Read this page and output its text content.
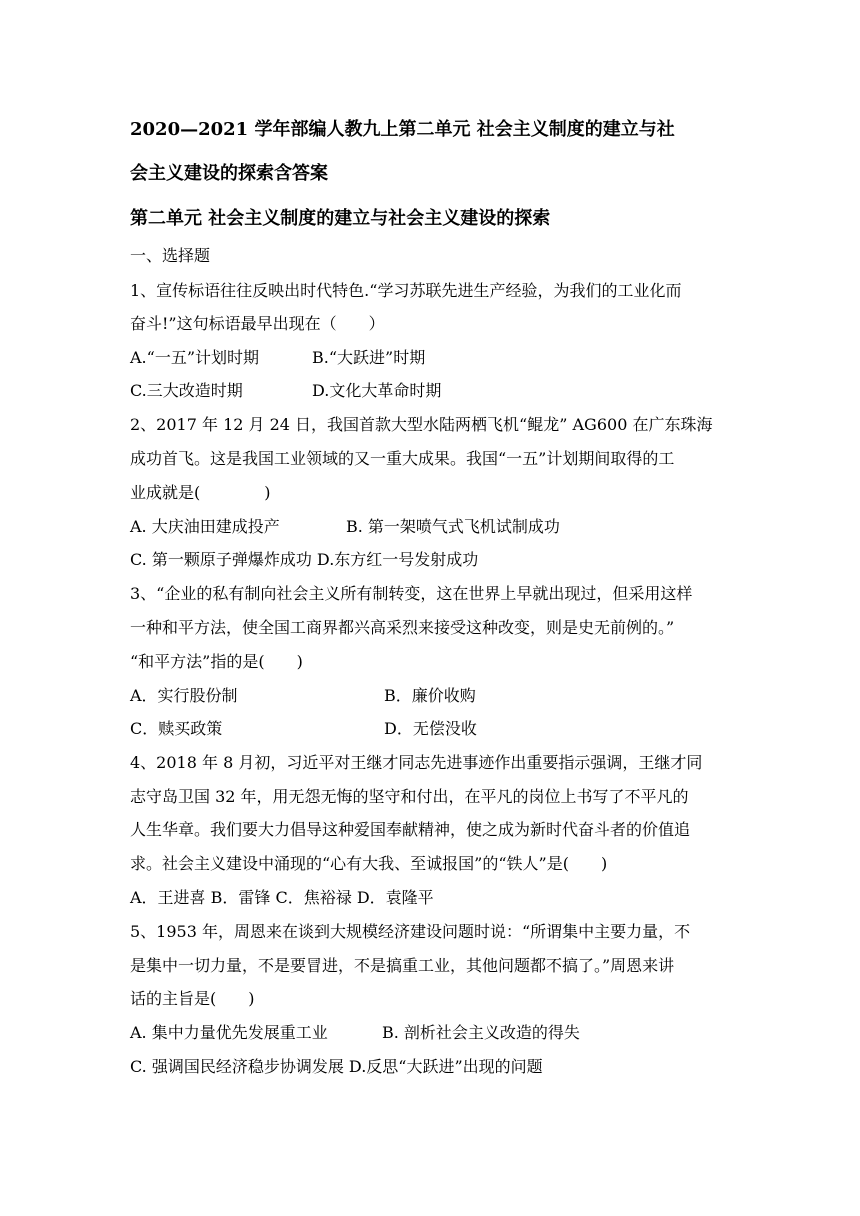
2020—2021 学年部编人教九上第二单元 社会主义制度的建立与社
会主义建设的探索含答案
第二单元 社会主义制度的建立与社会主义建设的探索
一、选择题
1、宣传标语往往反映出时代特色.“学习苏联先进生产经验，为我们的工业化而
奋斗!”这句标语最早出现在（　　）
A.“一五”计划时期	B.“大跃进”时期
C.三大改造时期	D.文化大革命时期
2、2017 年 12 月 24 日，我国首款大型水陆两栖飞机“鲲龙” AG600 在广东珠海
成功首飞。这是我国工业领域的又一重大成果。我国“一五”计划期间取得的工
业成就是(　　　　)
A. 大庆油田建成投产	B. 第一架喷气式飞机试制成功
C. 第一颗原子弹爆炸成功 D.东方红一号发射成功
3、“企业的私有制向社会主义所有制转变，这在世界上早就出现过，但采用这样
一种和平方法，使全国工商界都兴高采烈来接受这种改变，则是史无前例的。”
“和平方法”指的是(　　)
A．实行股份制	B．廉价收购
C．赎买政策	D．无偿没收
4、2018 年 8 月初，习近平对王继才同志先进事迹作出重要指示强调，王继才同
志守岛卫国 32 年，用无怨无悔的坚守和付出，在平凡的岗位上书写了不平凡的
人生华章。我们要大力倡导这种爱国奉献精神，使之成为新时代奋斗者的价值追
求。社会主义建设中涌现的“心有大我、至诚报国”的“铁人”是(　　)
A．王进喜 B．雷锋 C．焦裕禄 D．袁隆平
5、1953 年，周恩来在谈到大规模经济建设问题时说：“所谓集中主要力量，不
是集中一切力量，不是要冒进，不是搞重工业，其他问题都不搞了。”周恩来讲
话的主旨是(　　)
A. 集中力量优先发展重工业	B. 剖析社会主义改造的得失
C. 强调国民经济稳步协调发展 D.反思“大跃进”出现的问题
